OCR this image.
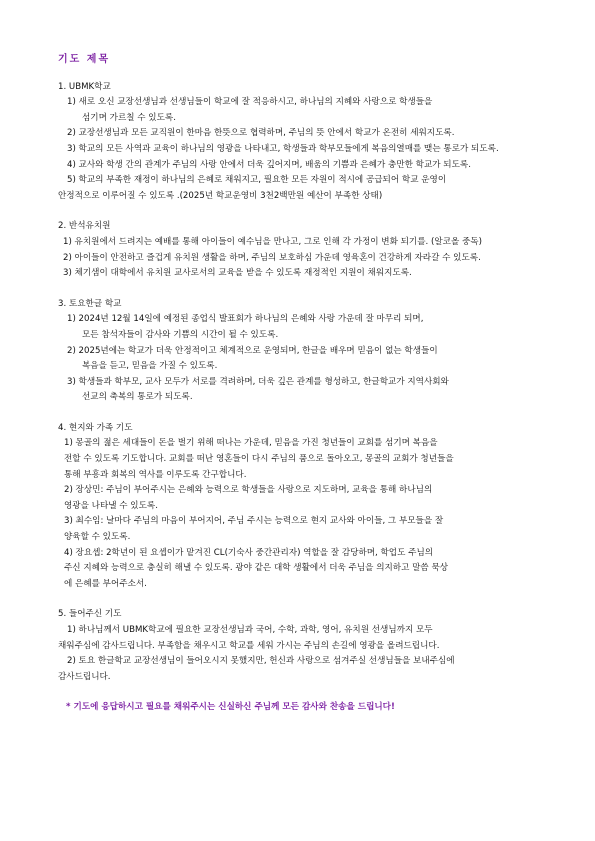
기도 제목
1. UBMK학교
1) 새로 오신 교장선생님과 선생님들이 학교에 잘 적응하시고, 하나님의 지혜와 사랑으로 학생들을
섬기며 가르칠 수 있도록.
2) 교장선생님과 모든 교직원이 한마음 한뜻으로 협력하며, 주님의 뜻 안에서 학교가 온전히 세워지도록.
3) 학교의 모든 사역과 교육이 하나님의 영광을 나타내고, 학생들과 학부모들에게 복음의열매를 맺는 통로가 되도록.
4) 교사와 학생 간의 관계가 주님의 사랑 안에서 더욱 깊어지며, 배움의 기쁨과 은혜가 충만한 학교가 되도록.
5) 학교의 부족한 재정이 하나님의 은혜로 채워지고, 필요한 모든 자원이 적시에 공급되어 학교 운영이
안정적으로 이루어질 수 있도록 .(2025년 학교운영비 3천2백만원 예산이 부족한 상태)
2. 반석유치원
1) 유치원에서 드려지는 예배를 통해 아이들이 예수님을 만나고, 그로 인해 각 가정이 변화 되기를. (알코올 중독)
2) 아이들이 안전하고 즐겁게 유치원 생활을 하며, 주님의 보호하심 가운데 영육혼이 건강하게 자라갈 수 있도록.
3) 체기샘이 대학에서 유치원 교사로서의 교육을 받을 수 있도록 재정적인 지원이 채워지도록.
3. 토요한글 학교
1) 2024년 12월 14일에 예정된 종업식 발표회가 하나님의 은혜와 사랑 가운데 잘 마무리 되며,
모든 참석자들이 감사와 기쁨의 시간이 될 수 있도록.
2) 2025년에는 학교가 더욱 안정적이고 체계적으로 운영되며, 한글을 배우며 믿음이 없는 학생들이
복음을 듣고, 믿음을 가질 수 있도록.
3) 학생들과 학부모, 교사 모두가 서로를 격려하며, 더욱 깊은 관계를 형성하고, 한글학교가 지역사회와
선교의 축복의 통로가 되도록.
4. 현지와 가족 기도
1) 몽골의 젊은 세대들이 돈을 벌기 위해 떠나는 가운데, 믿음을 가진 청년들이 교회를 섬기며 복음을
전할 수 있도록 기도합니다. 교회를 떠난 영혼들이 다시 주님의 품으로 돌아오고, 몽골의 교회가 청년들을
통해 부흥과 회복의 역사를 이루도록 간구합니다.
2) 장상민: 주님이 부어주시는 은혜와 능력으로 학생들을 사랑으로 지도하며, 교육을 통해 하나님의
영광을 나타낼 수 있도록.
3) 최수임: 날마다 주님의 마음이 부어지어, 주님 주시는 능력으로 현지 교사와 아이들, 그 부모들을 잘
양육할 수 있도록.
4) 장요셉: 2학년이 된 요셉이가 맡겨진 CL(기숙사 중간관리자) 역할을 잘 감당하며, 학업도 주님의
주신 지혜와 능력으로 충실히 해낼 수 있도록. 광야 같은 대학 생활에서 더욱 주님을 의지하고 말씀 묵상
에 은혜를 부어주소서.
5. 들어주신 기도
1) 하나님께서 UBMK학교에 필요한 교장선생님과 국어, 수학, 과학, 영어, 유치원 선생님까지 모두
채워주심에 감사드립니다. 부족함을 채우시고 학교를 세워 가시는 주님의 손길에 영광을 올려드립니다.
2) 토요 한글학교 교장선생님이 들어오시지 못했지만, 헌신과 사랑으로 섬겨주실 선생님들을 보내주심에
감사드립니다.
* 기도에 응답하시고 필요를 채워주시는 신실하신 주님께 모든 감사와 찬송을 드립니다!
